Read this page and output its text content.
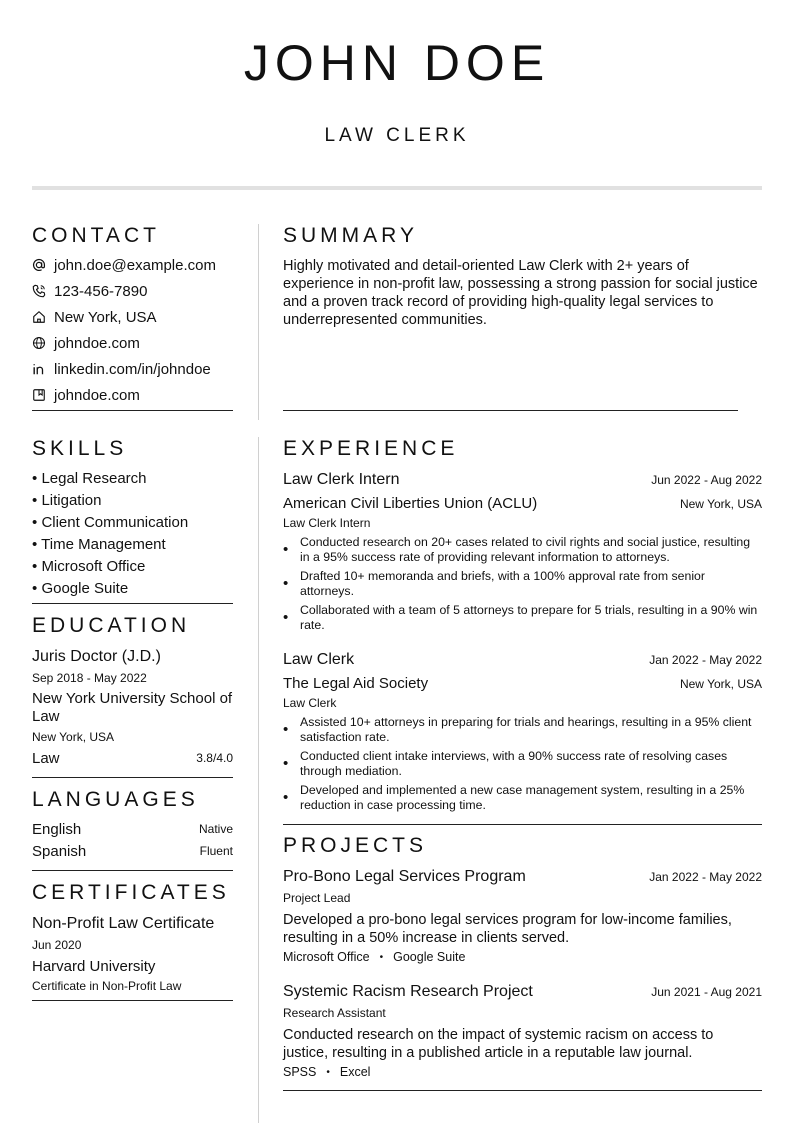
JOHN DOE
LAW CLERK
CONTACT
john.doe@example.com
123-456-7890
New York, USA
johndoe.com
linkedin.com/in/johndoe
johndoe.com
SKILLS
• Legal Research
• Litigation
• Client Communication
• Time Management
• Microsoft Office
• Google Suite
EDUCATION
Juris Doctor (J.D.)
Sep 2018 - May 2022
New York University School of Law
New York, USA
Law	3.8/4.0
LANGUAGES
English	Native
Spanish	Fluent
CERTIFICATES
Non-Profit Law Certificate
Jun 2020
Harvard University
Certificate in Non-Profit Law
SUMMARY
Highly motivated and detail-oriented Law Clerk with 2+ years of experience in non-profit law, possessing a strong passion for social justice and a proven track record of providing high-quality legal services to underrepresented communities.
EXPERIENCE
Law Clerk Intern	Jun 2022 - Aug 2022
American Civil Liberties Union (ACLU)	New York, USA
Law Clerk Intern
• Conducted research on 20+ cases related to civil rights and social justice, resulting in a 95% success rate of providing relevant information to attorneys.
• Drafted 10+ memoranda and briefs, with a 100% approval rate from senior attorneys.
• Collaborated with a team of 5 attorneys to prepare for 5 trials, resulting in a 90% win rate.
Law Clerk	Jan 2022 - May 2022
The Legal Aid Society	New York, USA
Law Clerk
• Assisted 10+ attorneys in preparing for trials and hearings, resulting in a 95% client satisfaction rate.
• Conducted client intake interviews, with a 90% success rate of resolving cases through mediation.
• Developed and implemented a new case management system, resulting in a 25% reduction in case processing time.
PROJECTS
Pro-Bono Legal Services Program	Jan 2022 - May 2022
Project Lead
Developed a pro-bono legal services program for low-income families, resulting in a 50% increase in clients served.
Microsoft Office • Google Suite
Systemic Racism Research Project	Jun 2021 - Aug 2021
Research Assistant
Conducted research on the impact of systemic racism on access to justice, resulting in a published article in a reputable law journal.
SPSS • Excel
